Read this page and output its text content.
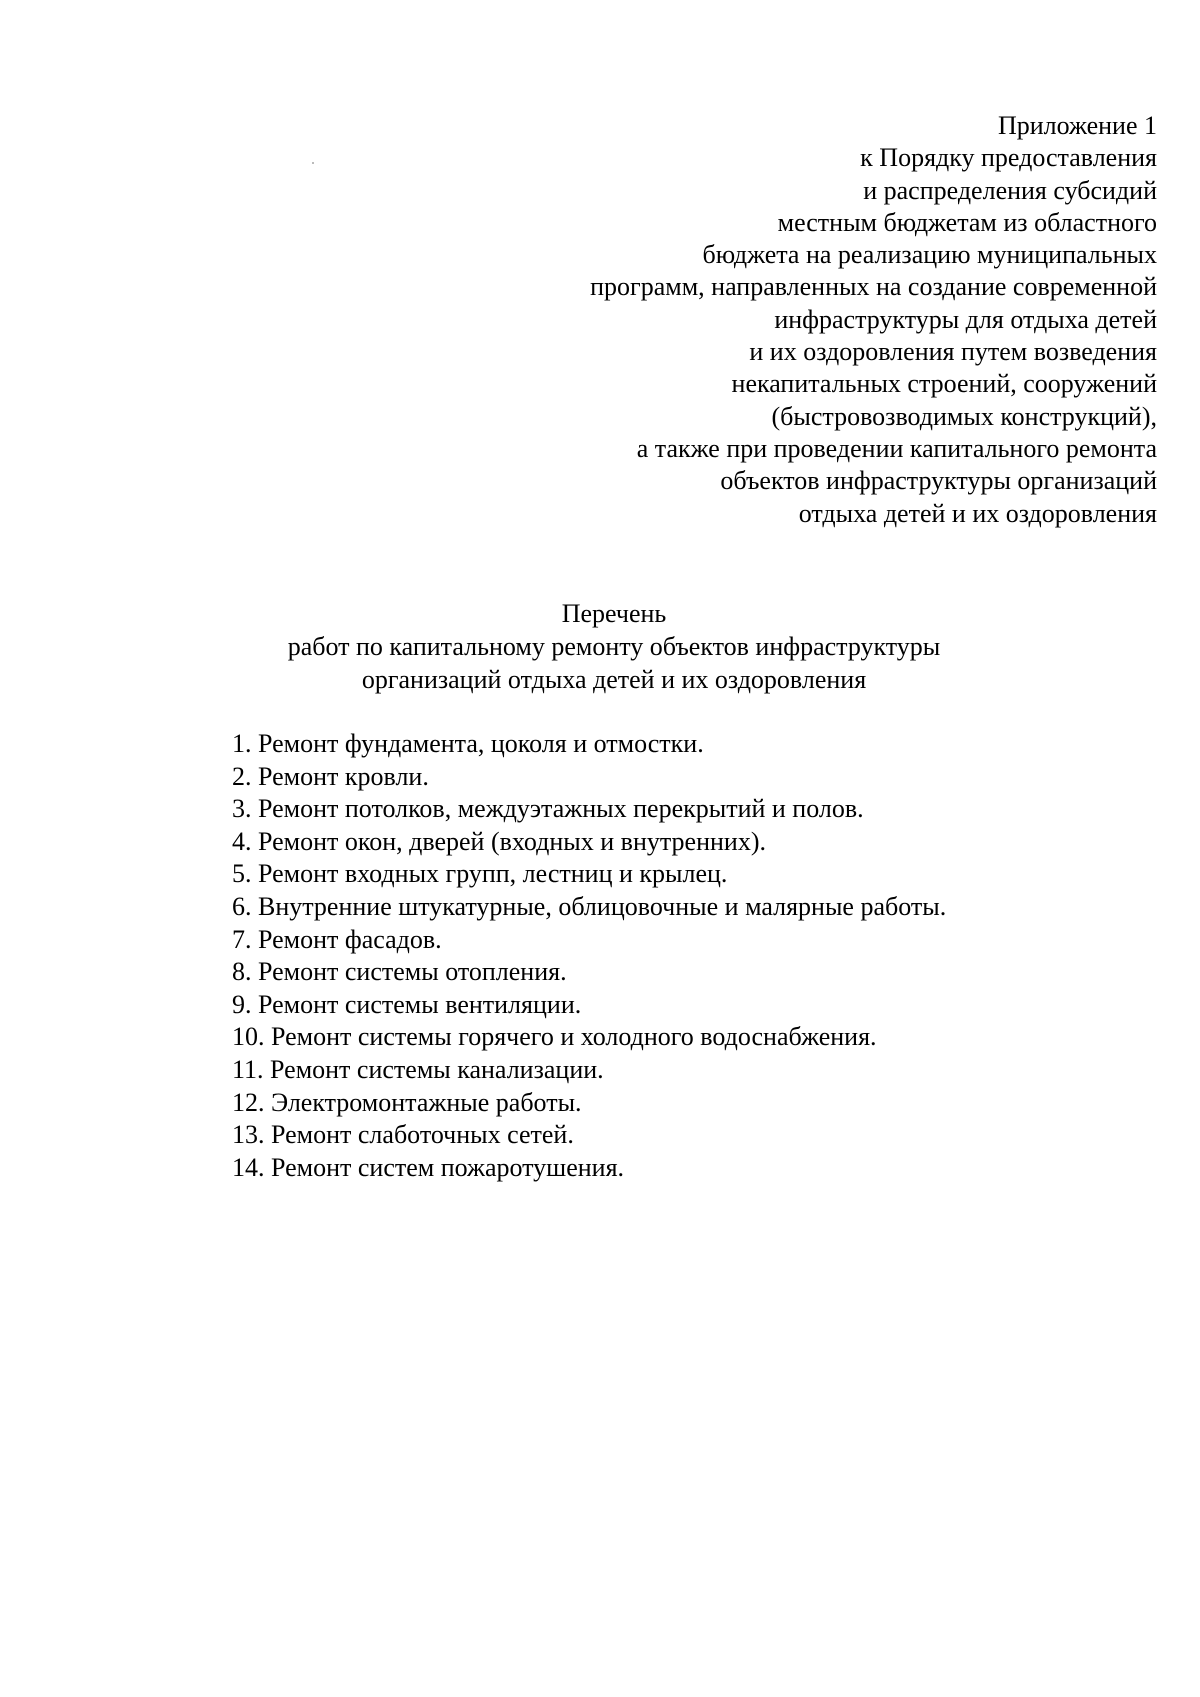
Приложение 1
к Порядку предоставления
и распределения субсидий
местным бюджетам из областного
бюджета на реализацию муниципальных
программ, направленных на создание современной
инфраструктуры для отдыха детей
и их оздоровления путем возведения
некапитальных строений, сооружений
(быстровозводимых конструкций),
а также при проведении капитального ремонта
объектов инфраструктуры организаций
отдыха детей и их оздоровления
Перечень
работ по капитальному ремонту объектов инфраструктуры
организаций отдыха детей и их оздоровления
1. Ремонт фундамента, цоколя и отмостки.
2. Ремонт кровли.
3. Ремонт потолков, междуэтажных перекрытий и полов.
4. Ремонт окон, дверей (входных и внутренних).
5. Ремонт входных групп, лестниц и крылец.
6. Внутренние штукатурные, облицовочные и малярные работы.
7. Ремонт фасадов.
8. Ремонт системы отопления.
9. Ремонт системы вентиляции.
10. Ремонт системы горячего и холодного водоснабжения.
11. Ремонт системы канализации.
12. Электромонтажные работы.
13. Ремонт слаботочных сетей.
14. Ремонт систем пожаротушения.
